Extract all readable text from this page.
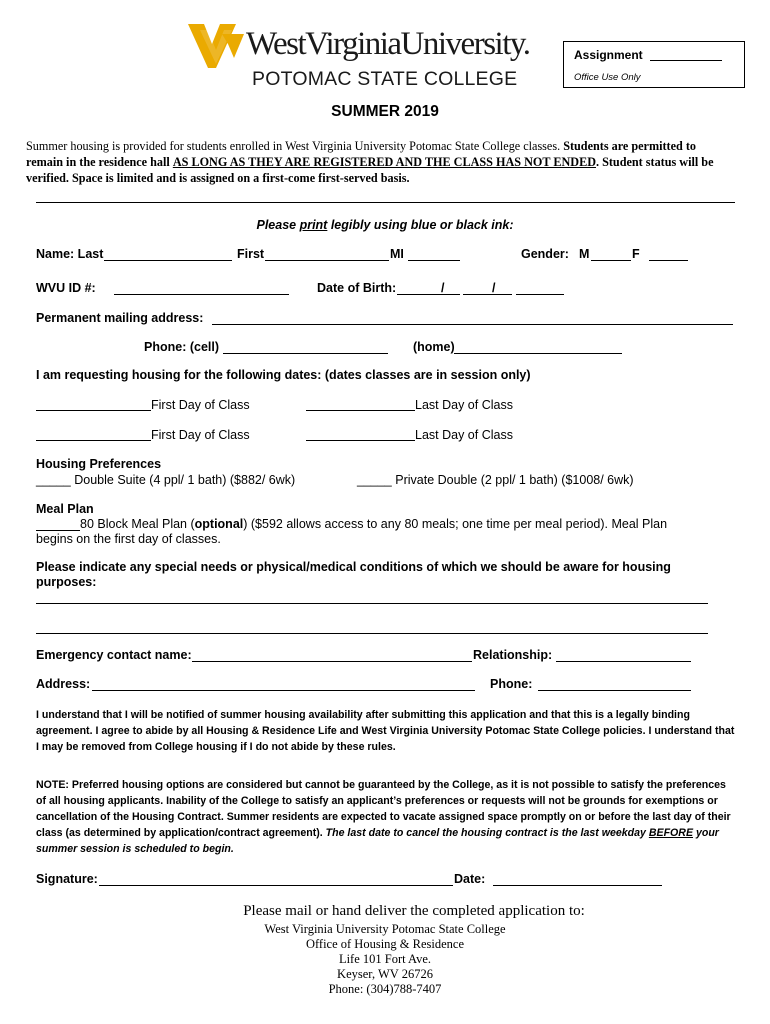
WestVirginiaUniversity.
POTOMAC STATE COLLEGE
Assignment
Office Use Only
SUMMER 2019
Summer housing is provided for students enrolled in West Virginia University Potomac State College classes. Students are permitted to remain in the residence hall AS LONG AS THEY ARE REGISTERED AND THE CLASS HAS NOT ENDED. Student status will be verified. Space is limited and is assigned on a first-come first-served basis.
Please print legibly using blue or black ink:
Name: Last	First	MI	Gender: M	F
WVU ID #:	Date of Birth:	/	/
Permanent mailing address:
Phone: (cell)	(home)
I am requesting housing for the following dates: (dates classes are in session only)
First Day of Class	Last Day of Class
First Day of Class	Last Day of Class
Housing Preferences
_____ Double Suite (4 ppl/ 1 bath) ($882/ 6wk)	_____ Private Double (2 ppl/ 1 bath) ($1008/ 6wk)
Meal Plan
80 Block Meal Plan (optional) ($592 allows access to any 80 meals; one time per meal period). Meal Plan
begins on the first day of classes.
Please indicate any special needs or physical/medical conditions of which we should be aware for housing
purposes:
Emergency contact name:	Relationship:
Address:	Phone:
I understand that I will be notified of summer housing availability after submitting this application and that this is a legally binding agreement. I agree to abide by all Housing & Residence Life and West Virginia University Potomac State College policies. I understand that I may be removed from College housing if I do not abide by these rules.
NOTE: Preferred housing options are considered but cannot be guaranteed by the College, as it is not possible to satisfy the preferences of all housing applicants. Inability of the College to satisfy an applicant’s preferences or requests will not be grounds for exemptions or cancellation of the Housing Contract. Summer residents are expected to vacate assigned space promptly on or before the last day of their class (as determined by application/contract agreement). The last date to cancel the housing contract is the last weekday BEFORE your summer session is scheduled to begin.
Signature:	Date:
Please mail or hand deliver the completed application to:
West Virginia University Potomac State College
Office of Housing & Residence
Life 101 Fort Ave.
Keyser, WV 26726
Phone: (304)788-7407
